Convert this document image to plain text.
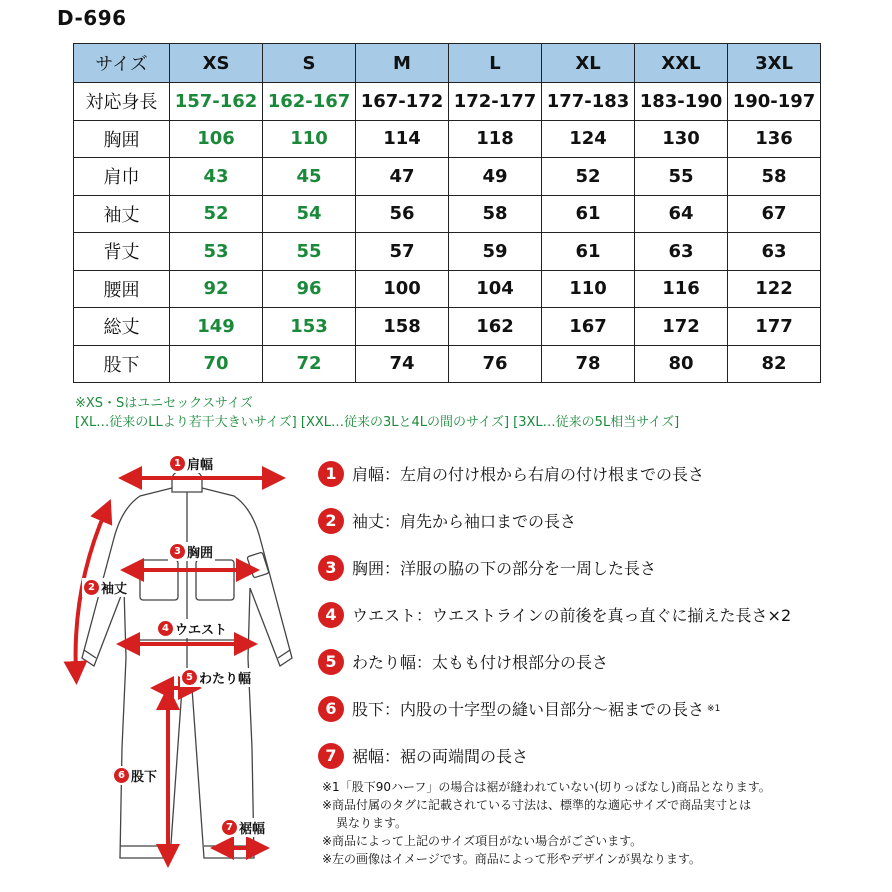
D-696
サイズ	XS	S	M	L	XL	XXL	3XL
対応身長	157-162	162-167	167-172	172-177	177-183	183-190	190-197
胸囲	106	110	114	118	124	130	136
肩巾	43	45	47	49	52	55	58
袖丈	52	54	56	58	61	64	67
背丈	53	55	57	59	61	63	63
腰囲	92	96	100	104	110	116	122
総丈	149	153	158	162	167	172	177
股下	70	72	74	76	78	80	82
※XS・Sはユニセックスサイズ
[XL…従来のLLより若干大きいサイズ] [XXL…従来の3Lと4Lの間のサイズ] [3XL…従来の5L相当サイズ]
1 肩幅
2 袖丈
3 胸囲
4 ウエスト
5 わたり幅
6 股下
7 裾幅
1 肩幅 ：左肩の付け根から右肩の付け根までの長さ
2 袖丈 ：肩先から袖口までの長さ
3 胸囲 ：洋服の脇の下の部分を一周した長さ
4 ウエスト ：ウエストラインの前後を真っ直ぐに揃えた長さ×2
5 わたり幅 ：太もも付け根部分の長さ
6 股下 ：内股の十字型の縫い目部分～裾までの長さ ※1
7 裾幅 ：裾の両端間の長さ
※1「股下90ハーフ」の場合は裾が縫われていない(切りっぱなし)商品となります。
※商品付属のタグに記載されている寸法は、標準的な適応サイズで商品実寸とは
異なります。
※商品によって上記のサイズ項目がない場合がございます。
※左の画像はイメージです。商品によって形やデザインが異なります。
